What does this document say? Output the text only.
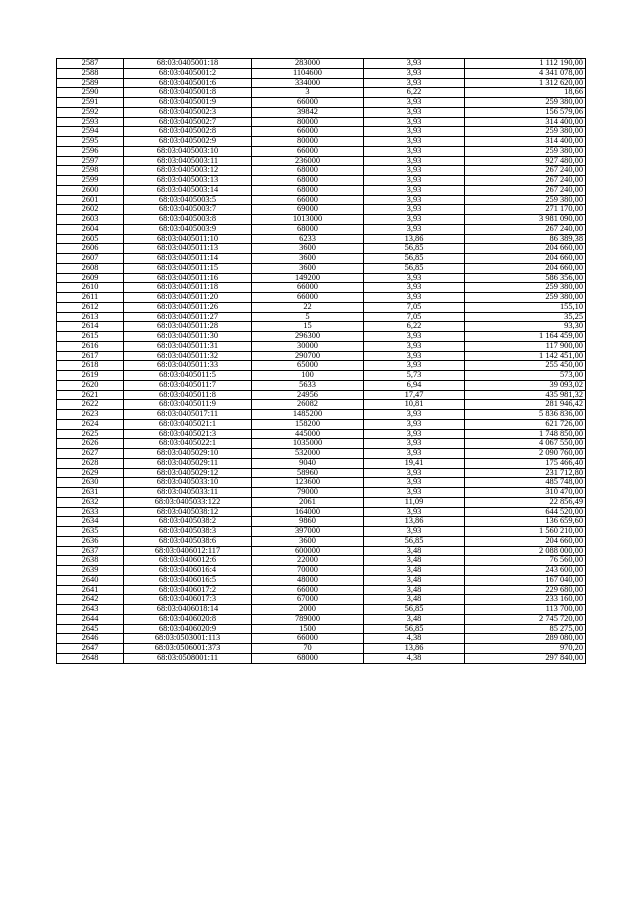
2587	68:03:0405001:18	283000	3,93	1 112 190,00
2588	68:03:0405001:2	1104600	3,93	4 341 078,00
2589	68:03:0405001:6	334000	3,93	1 312 620,00
2590	68:03:0405001:8	3	6,22	18,66
2591	68:03:0405001:9	66000	3,93	259 380,00
2592	68:03:0405002:3	39842	3,93	156 579,06
2593	68:03:0405002:7	80000	3,93	314 400,00
2594	68:03:0405002:8	66000	3,93	259 380,00
2595	68:03:0405002:9	80000	3,93	314 400,00
2596	68:03:0405003:10	66000	3,93	259 380,00
2597	68:03:0405003:11	236000	3,93	927 480,00
2598	68:03:0405003:12	68000	3,93	267 240,00
2599	68:03:0405003:13	68000	3,93	267 240,00
2600	68:03:0405003:14	68000	3,93	267 240,00
2601	68:03:0405003:5	66000	3,93	259 380,00
2602	68:03:0405003:7	69000	3,93	271 170,00
2603	68:03:0405003:8	1013000	3,93	3 981 090,00
2604	68:03:0405003:9	68000	3,93	267 240,00
2605	68:03:0405011:10	6233	13,86	86 389,38
2606	68:03:0405011:13	3600	56,85	204 660,00
2607	68:03:0405011:14	3600	56,85	204 660,00
2608	68:03:0405011:15	3600	56,85	204 660,00
2609	68:03:0405011:16	149200	3,93	586 356,00
2610	68:03:0405011:18	66000	3,93	259 380,00
2611	68:03:0405011:20	66000	3,93	259 380,00
2612	68:03:0405011:26	22	7,05	155,10
2613	68:03:0405011:27	5	7,05	35,25
2614	68:03:0405011:28	15	6,22	93,30
2615	68:03:0405011:30	296300	3,93	1 164 459,00
2616	68:03:0405011:31	30000	3,93	117 900,00
2617	68:03:0405011:32	290700	3,93	1 142 451,00
2618	68:03:0405011:33	65000	3,93	255 450,00
2619	68:03:0405011:5	100	5,73	573,00
2620	68:03:0405011:7	5633	6,94	39 093,02
2621	68:03:0405011:8	24956	17,47	435 981,32
2622	68:03:0405011:9	26082	10,81	281 946,42
2623	68:03:0405017:11	1485200	3,93	5 836 836,00
2624	68:03:0405021:1	158200	3,93	621 726,00
2625	68:03:0405021:3	445000	3,93	1 748 850,00
2626	68:03:0405022:1	1035000	3,93	4 067 550,00
2627	68:03:0405029:10	532000	3,93	2 090 760,00
2628	68:03:0405029:11	9040	19,41	175 466,40
2629	68:03:0405029:12	58960	3,93	231 712,80
2630	68:03:0405033:10	123600	3,93	485 748,00
2631	68:03:0405033:11	79000	3,93	310 470,00
2632	68:03:0405033:122	2061	11,09	22 856,49
2633	68:03:0405038:12	164000	3,93	644 520,00
2634	68:03:0405038:2	9860	13,86	136 659,60
2635	68:03:0405038:3	397000	3,93	1 560 210,00
2636	68:03:0405038:6	3600	56,85	204 660,00
2637	68:03:0406012:117	600000	3,48	2 088 000,00
2638	68:03:0406012:6	22000	3,48	76 560,00
2639	68:03:0406016:4	70000	3,48	243 600,00
2640	68:03:0406016:5	48000	3,48	167 040,00
2641	68:03:0406017:2	66000	3,48	229 680,00
2642	68:03:0406017:3	67000	3,48	233 160,00
2643	68:03:0406018:14	2000	56,85	113 700,00
2644	68:03:0406020:8	789000	3,48	2 745 720,00
2645	68:03:0406020:9	1500	56,85	85 275,00
2646	68:03:0503001:113	66000	4,38	289 080,00
2647	68:03:0506001:373	70	13,86	970,20
2648	68:03:0508001:11	68000	4,38	297 840,00
